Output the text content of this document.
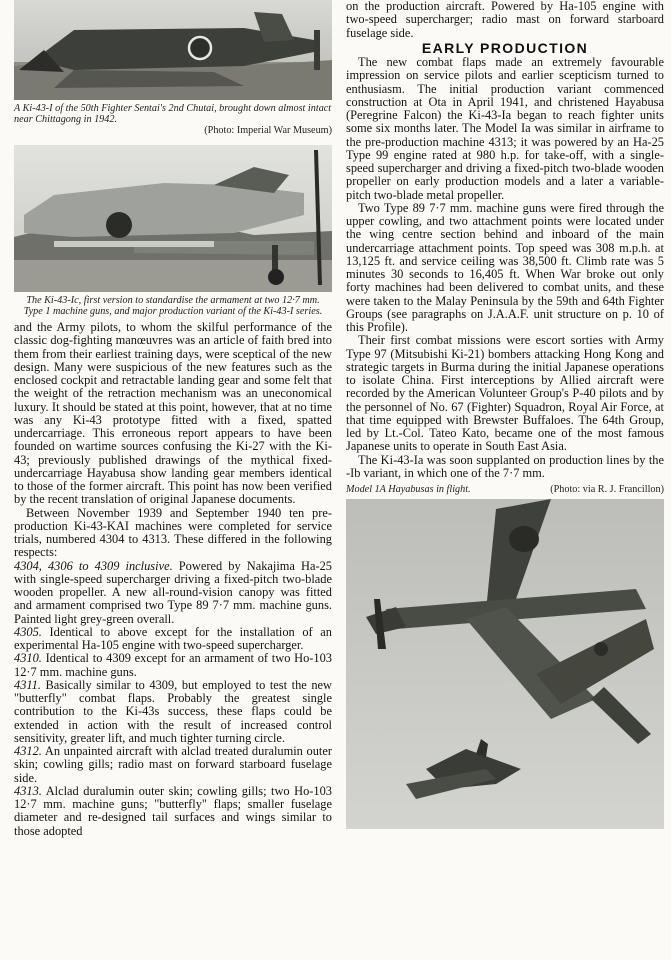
A Ki-43-I of the 50th Fighter Sentai's 2nd Chutai, brought down almost intact near Chittagong in 1942.
(Photo: Imperial War Museum)
The Ki-43-Ic, first version to standardise the armament at two 12·7 mm. Type 1 machine guns, and major production variant of the Ki-43-I series.

and the Army pilots, to whom the skilful performance of the classic dog-fighting manœuvres was an article of faith bred into them from their earliest training days, were sceptical of the new design. Many were suspicious of the new features such as the enclosed cockpit and retractable landing gear and some felt that the weight of the retraction mechanism was an uneconomical luxury. It should be stated at this point, however, that at no time was any Ki-43 prototype fitted with a fixed, spatted undercarriage. This erroneous report appears to have been founded on wartime sources confusing the Ki-27 with the Ki-43; previously published drawings of the mythical fixed-undercarriage Hayabusa show landing gear members identical to those of the former aircraft. This point has now been verified by the recent translation of original Japanese documents.

Between November 1939 and September 1940 ten pre-production Ki-43-KAI machines were completed for service trials, numbered 4304 to 4313. These differed in the following respects:

4304, 4306 to 4309 inclusive. Powered by Nakajima Ha-25 with single-speed supercharger driving a fixed-pitch two-blade wooden propeller. A new all-round-vision canopy was fitted and armament comprised two Type 89 7·7 mm. machine guns. Painted light grey-green overall.

4305. Identical to above except for the installation of an experimental Ha-105 engine with two-speed supercharger.

4310. Identical to 4309 except for an armament of two Ho-103 12·7 mm. machine guns.

4311. Basically similar to 4309, but employed to test the new "butterfly" combat flaps. Probably the greatest single contribution to the Ki-43s success, these flaps could be extended in action with the result of increased control sensitivity, greater lift, and much tighter turning circle.

4312. An unpainted aircraft with alclad treated duralumin outer skin; cowling gills; radio mast on forward starboard fuselage side.

4313. Alclad duralumin outer skin; cowling gills; two Ho-103 12·7 mm. machine guns; "butterfly" flaps; smaller fuselage diameter and re-designed tail surfaces and wings similar to those adopted

on the production aircraft. Powered by Ha-105 engine with two-speed supercharger; radio mast on forward starboard fuselage side.

EARLY PRODUCTION

The new combat flaps made an extremely favourable impression on service pilots and earlier scepticism turned to enthusiasm. The initial production variant commenced construction at Ota in April 1941, and christened Hayabusa (Peregrine Falcon) the Ki-43-Ia began to reach fighter units some six months later. The Model Ia was similar in airframe to the pre-production machine 4313; it was powered by an Ha-25 Type 99 engine rated at 980 h.p. for take-off, with a single-speed supercharger and driving a fixed-pitch two-blade wooden propeller on early production models and a later a variable-pitch two-blade metal propeller.

Two Type 89 7·7 mm. machine guns were fired through the upper cowling, and two attachment points were located under the wing centre section behind and inboard of the main undercarriage attachment points. Top speed was 308 m.p.h. at 13,125 ft. and service ceiling was 38,500 ft. Climb rate was 5 minutes 30 seconds to 16,405 ft. When War broke out only forty machines had been delivered to combat units, and these were taken to the Malay Peninsula by the 59th and 64th Fighter Groups (see paragraphs on J.A.A.F. unit structure on p. 10 of this Profile).

Their first combat missions were escort sorties with Army Type 97 (Mitsubishi Ki-21) bombers attacking Hong Kong and strategic targets in Burma during the initial Japanese operations to isolate China. First interceptions by Allied aircraft were recorded by the American Volunteer Group's P-40 pilots and by the personnel of No. 67 (Fighter) Squadron, Royal Air Force, at that time equipped with Brewster Buffaloes. The 64th Group, led by Lt.-Col. Tateo Kato, became one of the most famous Japanese units to operate in South East Asia.

The Ki-43-Ia was soon supplanted on production lines by the -Ib variant, in which one of the 7·7 mm.

Model 1A Hayabusas in flight.	(Photo: via R. J. Francillon)
